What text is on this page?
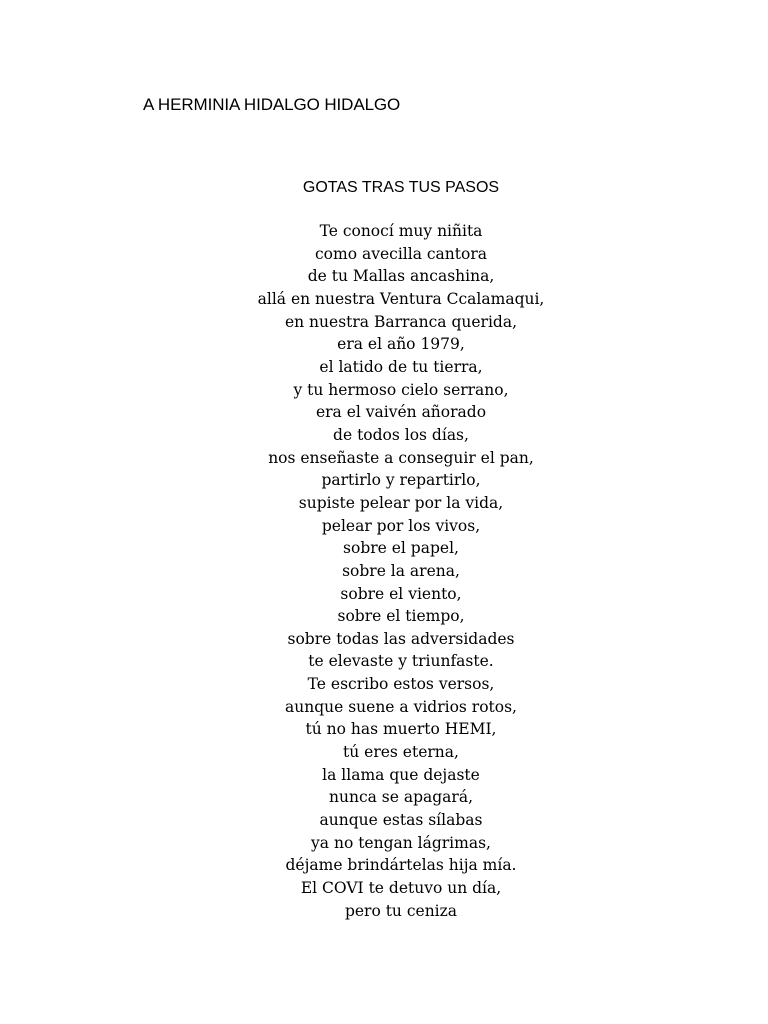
A HERMINIA HIDALGO HIDALGO
GOTAS TRAS TUS PASOS
Te conocí muy niñita
como avecilla cantora
de tu Mallas ancashina,
allá en nuestra Ventura Ccalamaqui,
en nuestra Barranca querida,
era el año 1979,
el latido de tu tierra,
y tu hermoso cielo serrano,
era el vaivén añorado
de todos los días,
nos enseñaste a conseguir el pan,
partirlo y repartirlo,
supiste pelear por la vida,
pelear por los vivos,
sobre el papel,
sobre la arena,
sobre el viento,
sobre el tiempo,
sobre todas las adversidades
te elevaste y triunfaste.
Te escribo estos versos,
aunque suene a vidrios rotos,
tú no has muerto HEMI,
tú eres eterna,
la llama que dejaste
nunca se apagará,
aunque estas sílabas
ya no tengan lágrimas,
déjame brindártelas hija mía.
El COVI te detuvo un día,
pero tu ceniza
